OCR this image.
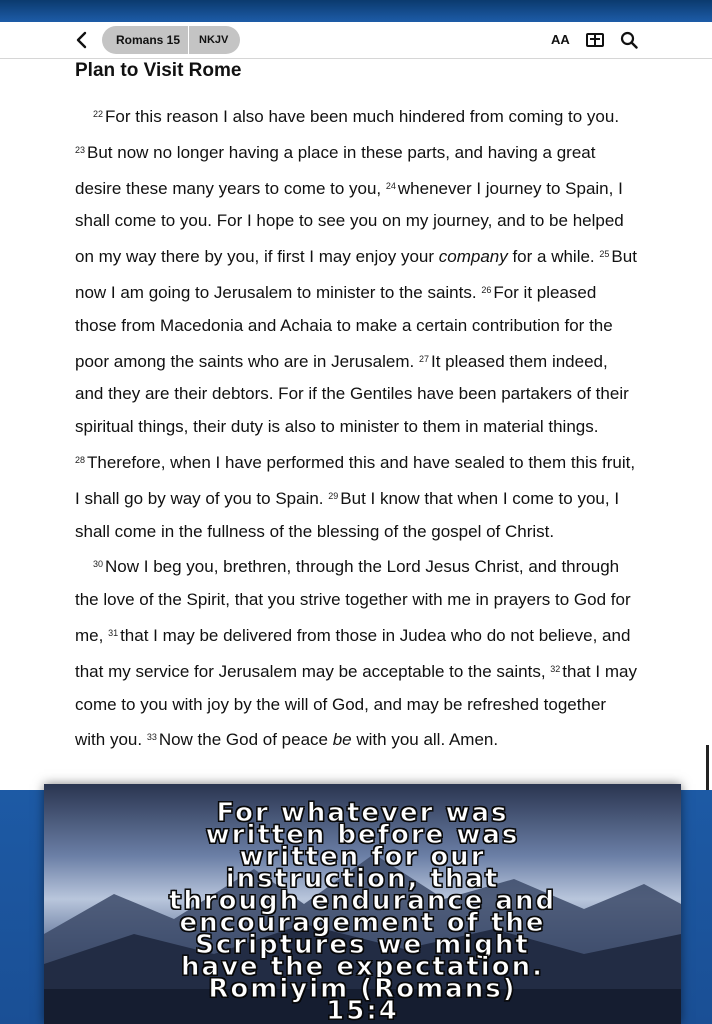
Romans 15	NKJV	AA
Plan to Visit Rome

$^{22}$ For this reason I also have been much hindered from coming to you. $^{23}$ But now no longer having a place in these parts, and having a great desire these many years to come to you, $^{24}$ whenever I journey to Spain, I shall come to you. For I hope to see you on my journey, and to be helped on my way there by you, if first I may enjoy your company for a while. $^{25}$ But now I am going to Jerusalem to minister to the saints. $^{26}$ For it pleased those from Macedonia and Achaia to make a certain contribution for the poor among the saints who are in Jerusalem. $^{27}$ It pleased them indeed, and they are their debtors. For if the Gentiles have been partakers of their spiritual things, their duty is also to minister to them in material things. $^{28}$ Therefore, when I have performed this and have sealed to them this fruit, I shall go by way of you to Spain. $^{29}$ But I know that when I come to you, I shall come in the fullness of the blessing of the gospel of Christ.

$^{30}$ Now I beg you, brethren, through the Lord Jesus Christ, and through the love of the Spirit, that you strive together with me in prayers to God for me, $^{31}$ that I may be delivered from those in Judea who do not believe, and that my service for Jerusalem may be acceptable to the saints, $^{32}$ that I may come to you with joy by the will of God, and may be refreshed together with you. $^{33}$ Now the God of peace be with you all. Amen.

For whatever was
written before was
written for our
instruction, that
through endurance and
encouragement of the
Scriptures we might
have the expectation.
Romiyim (Romans)
15:4
